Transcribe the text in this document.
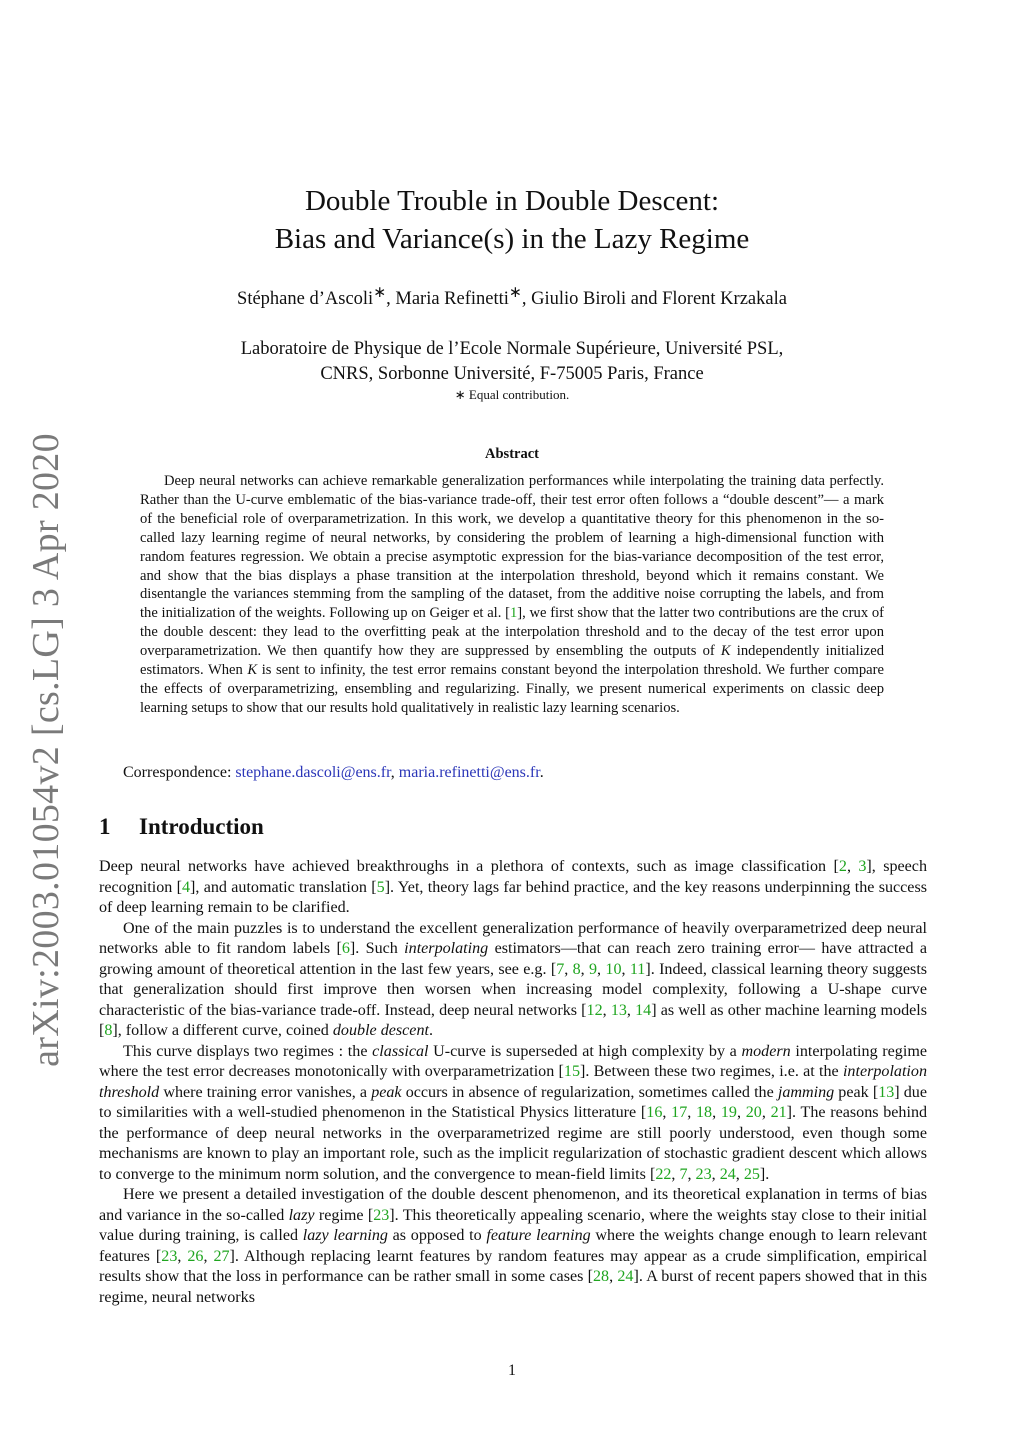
arXiv:2003.01054v2 [cs.LG] 3 Apr 2020
Double Trouble in Double Descent:
Bias and Variance(s) in the Lazy Regime
Stéphane d’Ascoli∗, Maria Refinetti∗, Giulio Biroli and Florent Krzakala
Laboratoire de Physique de l’Ecole Normale Supérieure, Université PSL,
CNRS, Sorbonne Université, F-75005 Paris, France
∗ Equal contribution.
Abstract

Deep neural networks can achieve remarkable generalization performances while interpolating the training data perfectly. Rather than the U-curve emblematic of the bias-variance trade-off, their test error often follows a “double descent”— a mark of the beneficial role of overparametrization. In this work, we develop a quantitative theory for this phenomenon in the so-called lazy learning regime of neural networks, by considering the problem of learning a high-dimensional function with random features regression. We obtain a precise asymptotic expression for the bias-variance decomposition of the test error, and show that the bias displays a phase transition at the interpolation threshold, beyond which it remains constant. We disentangle the variances stemming from the sampling of the dataset, from the additive noise corrupting the labels, and from the initialization of the weights. Following up on Geiger et al. [1], we first show that the latter two contributions are the crux of the double descent: they lead to the overfitting peak at the interpolation threshold and to the decay of the test error upon overparametrization. We then quantify how they are suppressed by ensembling the outputs of K independently initialized estimators. When K is sent to infinity, the test error remains constant beyond the interpolation threshold. We further compare the effects of overparametrizing, ensembling and regularizing. Finally, we present numerical experiments on classic deep learning setups to show that our results hold qualitatively in realistic lazy learning scenarios.

Correspondence: stephane.dascoli@ens.fr, maria.refinetti@ens.fr.
1 Introduction

Deep neural networks have achieved breakthroughs in a plethora of contexts, such as image classification [2, 3], speech recognition [4], and automatic translation [5]. Yet, theory lags far behind practice, and the key reasons underpinning the success of deep learning remain to be clarified.

One of the main puzzles is to understand the excellent generalization performance of heavily overparametrized deep neural networks able to fit random labels [6]. Such interpolating estimators—that can reach zero training error— have attracted a growing amount of theoretical attention in the last few years, see e.g. [7, 8, 9, 10, 11]. Indeed, classical learning theory suggests that generalization should first improve then worsen when increasing model complexity, following a U-shape curve characteristic of the bias-variance trade-off. Instead, deep neural networks [12, 13, 14] as well as other machine learning models [8], follow a different curve, coined double descent.

This curve displays two regimes : the classical U-curve is superseded at high complexity by a modern interpolating regime where the test error decreases monotonically with overparametrization [15]. Between these two regimes, i.e. at the interpolation threshold where training error vanishes, a peak occurs in absence of regularization, sometimes called the jamming peak [13] due to similarities with a well-studied phenomenon in the Statistical Physics litterature [16, 17, 18, 19, 20, 21]. The reasons behind the performance of deep neural networks in the overparametrized regime are still poorly understood, even though some mechanisms are known to play an important role, such as the implicit regularization of stochastic gradient descent which allows to converge to the minimum norm solution, and the convergence to mean-field limits [22, 7, 23, 24, 25].

Here we present a detailed investigation of the double descent phenomenon, and its theoretical explanation in terms of bias and variance in the so-called lazy regime [23]. This theoretically appealing scenario, where the weights stay close to their initial value during training, is called lazy learning as opposed to feature learning where the weights change enough to learn relevant features [23, 26, 27]. Although replacing learnt features by random features may appear as a crude simplification, empirical results show that the loss in performance can be rather small in some cases [28, 24]. A burst of recent papers showed that in this regime, neural networks

1
